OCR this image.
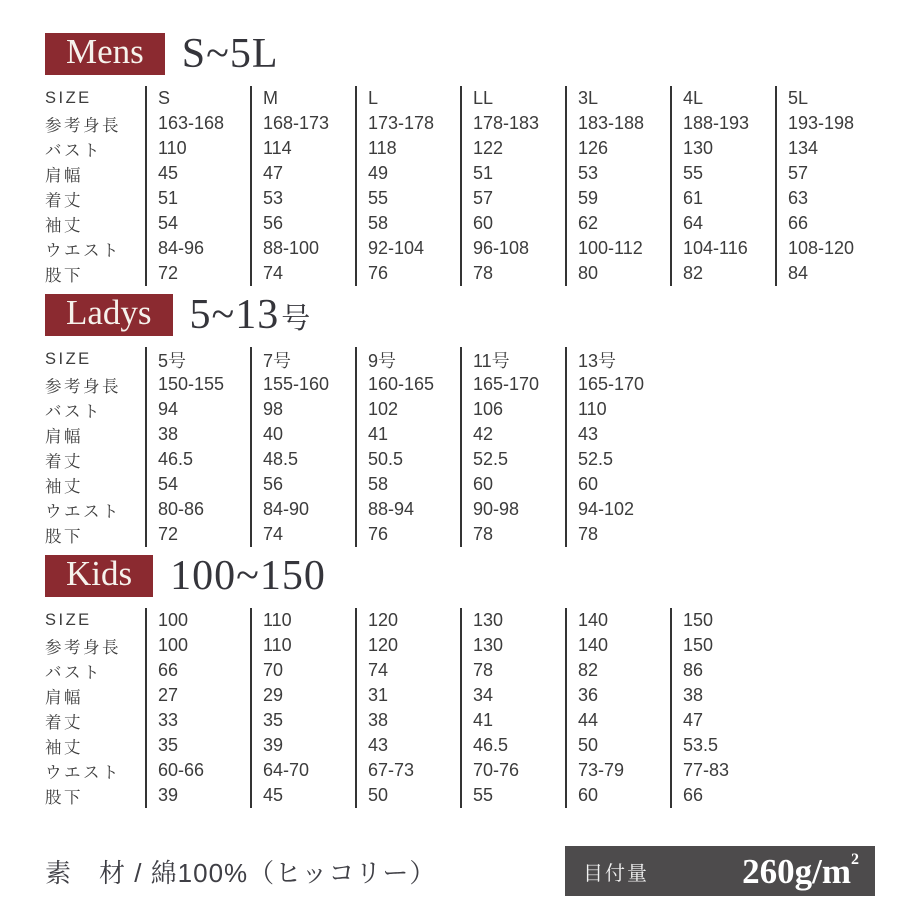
Mens S~5L
SIZE	S	M	L	LL	3L	4L	5L
参考身長	163-168	168-173	173-178	178-183	183-188	188-193	193-198
バスト	110	114	118	122	126	130	134
肩幅	45	47	49	51	53	55	57
着丈	51	53	55	57	59	61	63
袖丈	54	56	58	60	62	64	66
ウエスト	84-96	88-100	92-104	96-108	100-112	104-116	108-120
股下	72	74	76	78	80	82	84
Ladys 5~13 号
SIZE	5号	7号	9号	11号	13号
参考身長	150-155	155-160	160-165	165-170	165-170
バスト	94	98	102	106	110
肩幅	38	40	41	42	43
着丈	46.5	48.5	50.5	52.5	52.5
袖丈	54	56	58	60	60
ウエスト	80-86	84-90	88-94	90-98	94-102
股下	72	74	76	78	78
Kids 100~150
SIZE	100	110	120	130	140	150
参考身長	100	110	120	130	140	150
バスト	66	70	74	78	82	86
肩幅	27	29	31	34	36	38
着丈	33	35	38	41	44	47
袖丈	35	39	43	46.5	50	53.5
ウエスト	60-66	64-70	67-73	70-76	73-79	77-83
股下	39	45	50	55	60	66
素　材 / 綿100%（ヒッコリー）	目付量	$260g/m^2$
